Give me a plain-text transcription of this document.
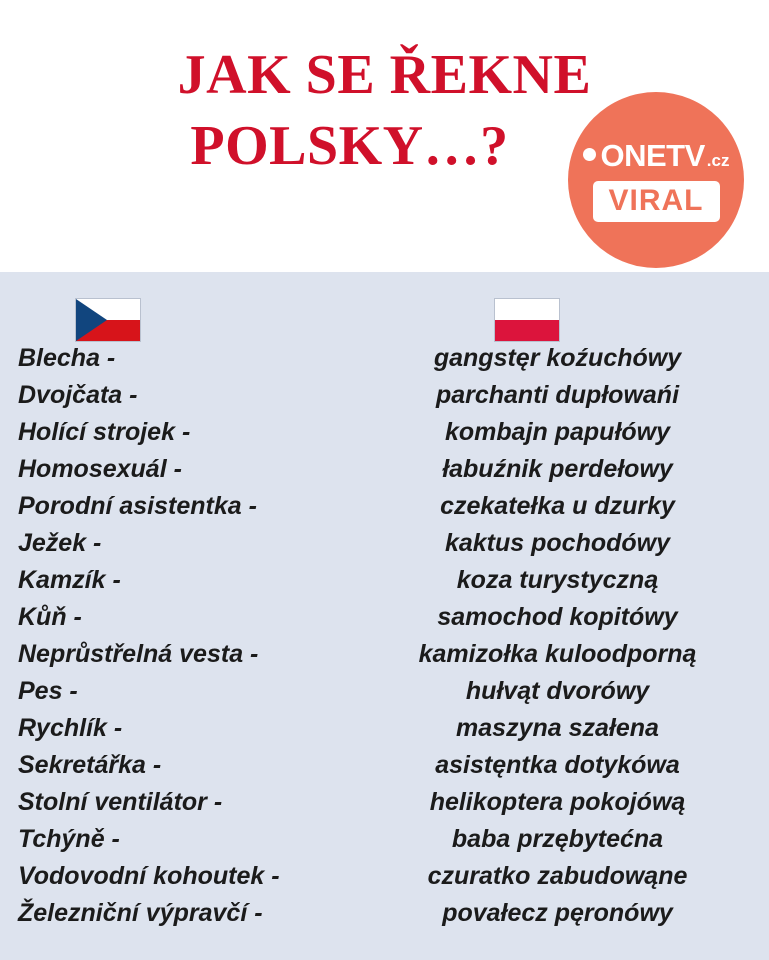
JAK SE ŘEKNE
POLSKY…?	ONETV .cz
VIRAL
Blecha -	gangstęr koźuchówy
Dvojčata -	parchanti dupłowańi
Holící strojek -	kombajn papułówy
Homosexuál -	łabuźnik perdełowy
Porodní asistentka -	czekatełka u dzurky
Ježek -	kaktus pochodówy
Kamzík -	koza turystyczną
Kůň -	samochod kopitówy
Neprůstřelná vesta -	kamizołka kuloodporną
Pes -	hułvąt dvorówy
Rychlík -	maszyna szałena
Sekretářka -	asistęntka dotykówa
Stolní ventilátor -	helikoptera pokojówą
Tchýně -	baba przębytećna
Vodovodní kohoutek -	czuratko zabudowąne
Železniční výpravčí -	povałecz pęronówy
